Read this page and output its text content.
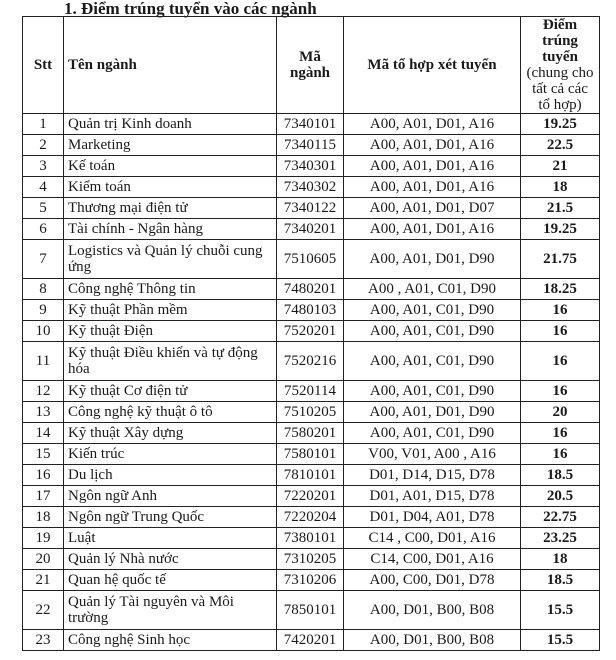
1. Điểm trúng tuyển vào các ngành
Stt	Tên ngành	Mã ngành	Mã tổ hợp xét tuyển	Điểm trúng tuyển
(chung cho tất cả các tổ hợp)

1	Quản trị Kinh doanh	7340101	A00, A01, D01, A16	19.25
2	Marketing	7340115	A00, A01, D01, A16	22.5
3	Kế toán	7340301	A00, A01, D01, A16	21
4	Kiểm toán	7340302	A00, A01, D01, A16	18
5	Thương mại điện tử	7340122	A00, A01, D01, D07	21.5
6	Tài chính - Ngân hàng	7340201	A00, A01, D01, A16	19.25
7	Logistics và Quản lý chuỗi cung ứng	7510605	A00, A01, D01, D90	21.75
8	Công nghệ Thông tin	7480201	A00 , A01, C01, D90	18.25
9	Kỹ thuật Phần mềm	7480103	A00, A01, C01, D90	16
10	Kỹ thuật Điện	7520201	A00, A01, C01, D90	16
11	Kỹ thuật Điều khiển và tự động hóa	7520216	A00, A01, C01, D90	16
12	Kỹ thuật Cơ điện tử	7520114	A00, A01, C01, D90	16
13	Công nghệ kỹ thuật ô tô	7510205	A00, A01, D01, D90	20
14	Kỹ thuật Xây dựng	7580201	A00, A01, C01, D90	16
15	Kiến trúc	7580101	V00, V01, A00 , A16	16
16	Du lịch	7810101	D01, D14, D15, D78	18.5
17	Ngôn ngữ Anh	7220201	D01, A01, D15, D78	20.5
18	Ngôn ngữ Trung Quốc	7220204	D01, D04, A01, D78	22.75
19	Luật	7380101	C14 , C00, D01, A16	23.25
20	Quản lý Nhà nước	7310205	C14, C00, D01, A16	18
21	Quan hệ quốc tế	7310206	A00, C00, D01, D78	18.5
22	Quản lý Tài nguyên và Môi trường	7850101	A00, D01, B00, B08	15.5
23	Công nghệ Sinh học	7420201	A00, D01, B00, B08	15.5
